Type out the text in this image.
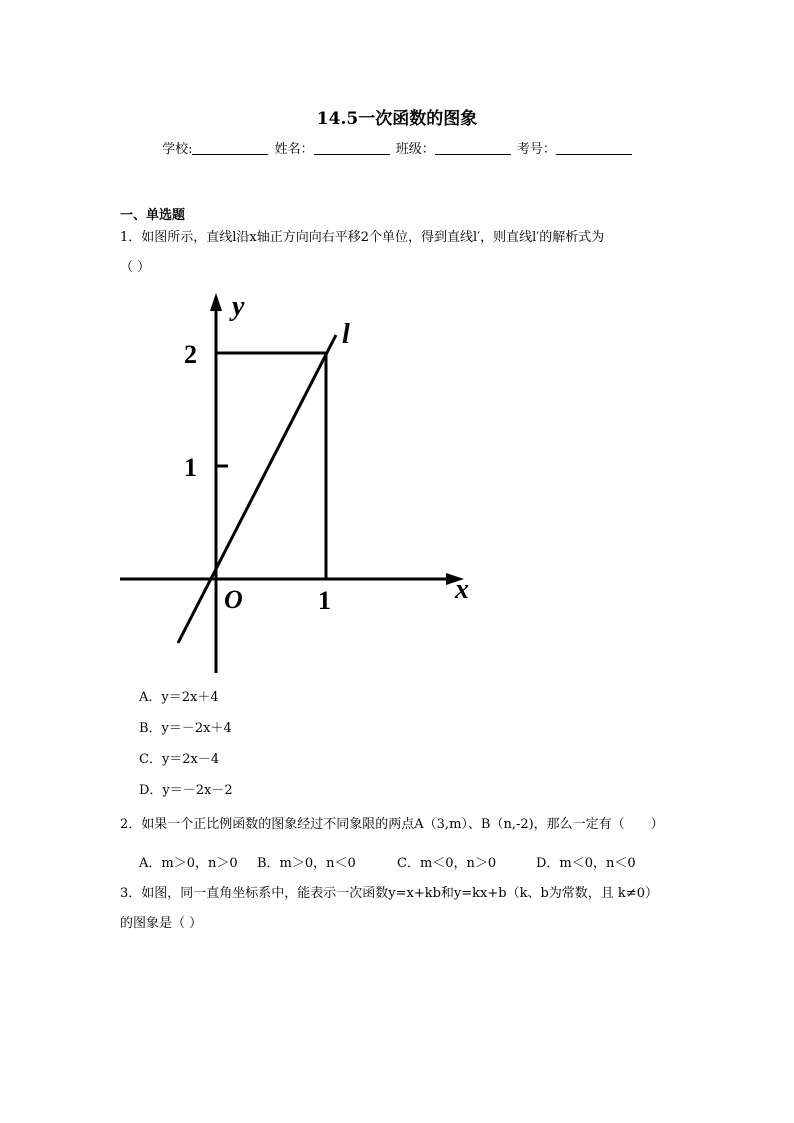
14.5一次函数的图象
学校:	姓名：	班级：	考号：
一、单选题
1．如图所示，直线l沿x轴正方向向右平移2个单位，得到直线l′，则直线l′的解析式为
（ ）
y
x
O
l
2
1
1
A．y＝2x＋4
B．y＝－2x＋4
C．y＝2x－4
D．y＝－2x－2
2．如果一个正比例函数的图象经过不同象限的两点A（3,m）、B（n,-2)，那么一定有（　　）
A．m＞0，n＞0 B．m＞0，n＜0	C．m＜0，n＞0	D．m＜0，n＜0
3．如图，同一直角坐标系中，能表示一次函数y=x+kb和y=kx+b（k、b为常数，且 k≠0）
的图象是（ ）
